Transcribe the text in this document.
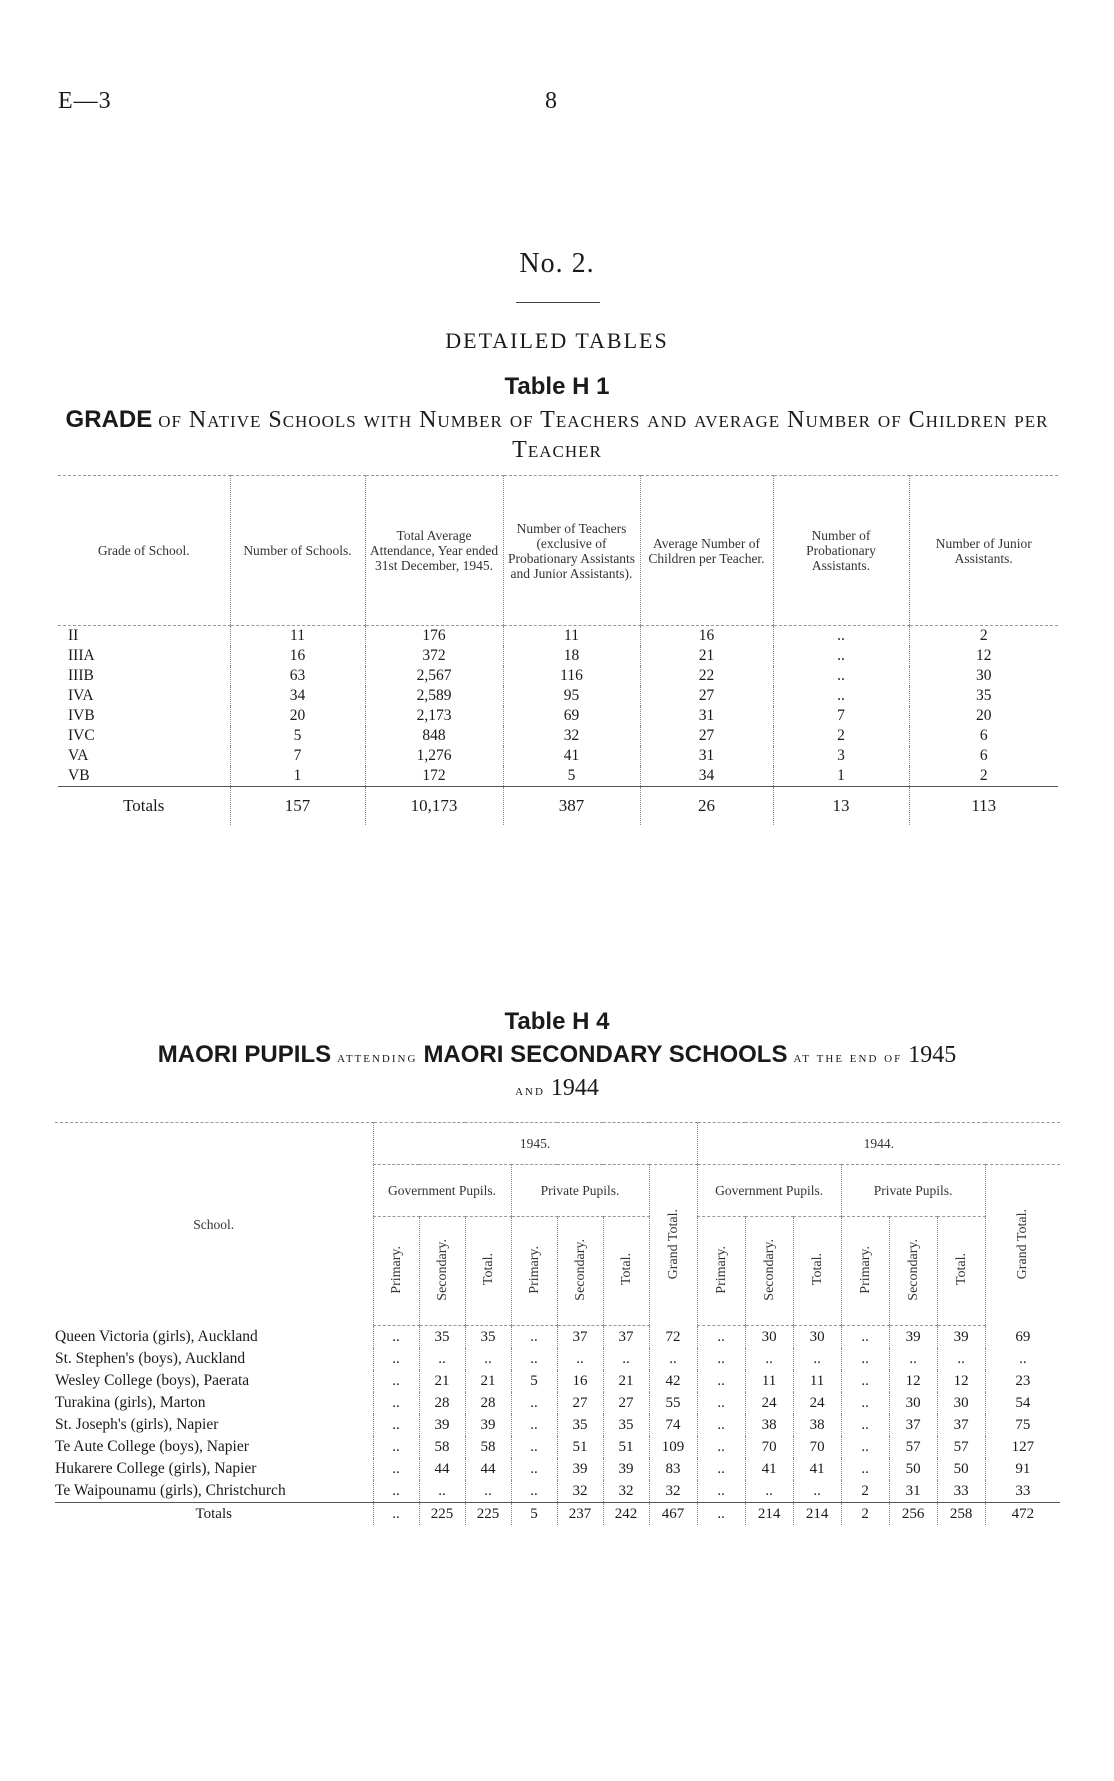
E—3	8
No. 2.
DETAILED TABLES
Table H 1
GRADE of Native Schools with Number of Teachers and average Number of Children per Teacher
Grade of School.	Number of Schools.	Total Average Attendance, Year ended 31st December, 1945.	Number of Teachers (exclusive of Probationary Assistants and Junior Assistants).	Average Number of Children per Teacher.	Number of Probationary Assistants.	Number of Junior Assistants.
II	11	176	11	16	..	2
IIIA	16	372	18	21	..	12
IIIB	63	2,567	116	22	..	30
IVA	34	2,589	95	27	..	35
IVB	20	2,173	69	31	7	20
IVC	5	848	32	27	2	6
VA	7	1,276	41	31	3	6
VB	1	172	5	34	1	2
Totals	157	10,173	387	26	13	113
Table H 4
MAORI PUPILS attending MAORI SECONDARY SCHOOLS at the end of 1945
and 1944
School.	1945.							1944.						
	Government Pupils.			Private Pupils.			Grand Total.	Government Pupils.			Private Pupils.			Grand Total.
	Primary.	Secondary.	Total.	Primary.	Secondary.	Total.		Primary.	Secondary.	Total.	Primary.	Secondary.	Total.	
Queen Victoria (girls), Auckland	..	35	35	..	37	37	72	..	30	30	..	39	39	69
St. Stephen's (boys), Auckland	..	..	..	..	..	..	..	..	..	..	..	..	..	..
Wesley College (boys), Paerata	..	21	21	5	16	21	42	..	11	11	..	12	12	23
Turakina (girls), Marton	..	28	28	..	27	27	55	..	24	24	..	30	30	54
St. Joseph's (girls), Napier	..	39	39	..	35	35	74	..	38	38	..	37	37	75
Te Aute College (boys), Napier	..	58	58	..	51	51	109	..	70	70	..	57	57	127
Hukarere College (girls), Napier	..	44	44	..	39	39	83	..	41	41	..	50	50	91
Te Waipounamu (girls), Christchurch	..	..	..	..	32	32	32	..	..	..	2	31	33	33
Totals	..	225	225	5	237	242	467	..	214	214	2	256	258	472
